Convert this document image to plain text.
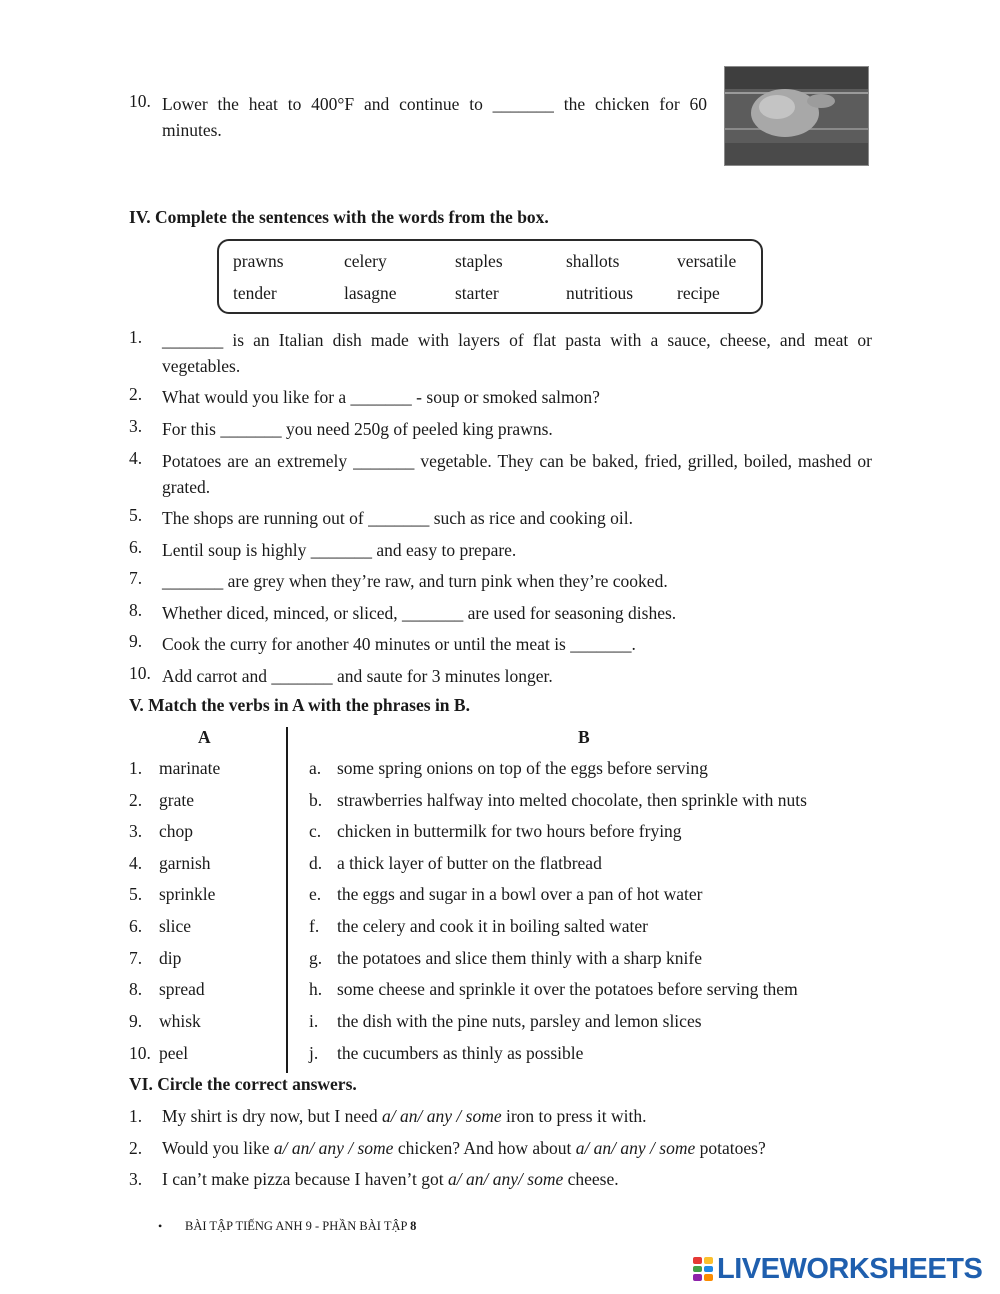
10. Lower the heat to 400°F and continue to _______ the chicken for 60
minutes.
IV. Complete the sentences with the words from the box.
prawns	celery	staples	shallots	versatile
tender	lasagne	starter	nutritious	recipe
1. _______ is an Italian dish made with layers of flat pasta with a sauce, cheese, and meat or vegetables.
2. What would you like for a _______ - soup or smoked salmon?
3. For this _______ you need 250g of peeled king prawns.
4. Potatoes are an extremely _______ vegetable. They can be baked, fried, grilled, boiled, mashed or grated.
5. The shops are running out of _______ such as rice and cooking oil.
6. Lentil soup is highly _______ and easy to prepare.
7. _______ are grey when they’re raw, and turn pink when they’re cooked.
8. Whether diced, minced, or sliced, _______ are used for seasoning dishes.
9. Cook the curry for another 40 minutes or until the meat is _______.
10. Add carrot and _______ and saute for 3 minutes longer.
V. Match the verbs in A with the phrases in B.
A	B
1. marinate	a. some spring onions on top of the eggs before serving
2. grate	b. strawberries halfway into melted chocolate, then sprinkle with nuts
3. chop	c. chicken in buttermilk for two hours before frying
4. garnish	d. a thick layer of butter on the flatbread
5. sprinkle	e. the eggs and sugar in a bowl over a pan of hot water
6. slice	f. the celery and cook it in boiling salted water
7. dip	g. the potatoes and slice them thinly with a sharp knife
8. spread	h. some cheese and sprinkle it over the potatoes before serving them
9. whisk	i. the dish with the pine nuts, parsley and lemon slices
10. peel	j. the cucumbers as thinly as possible
VI. Circle the correct answers.
1. My shirt is dry now, but I need a/ an/ any / some iron to press it with.
2. Would you like a/ an/ any / some chicken? And how about a/ an/ any / some potatoes?
3. I can’t make pizza because I haven’t got a/ an/ any/ some cheese.
• BÀI TẬP TIẾNG ANH 9 - PHẦN BÀI TẬP 8
LIVEWORKSHEETS
